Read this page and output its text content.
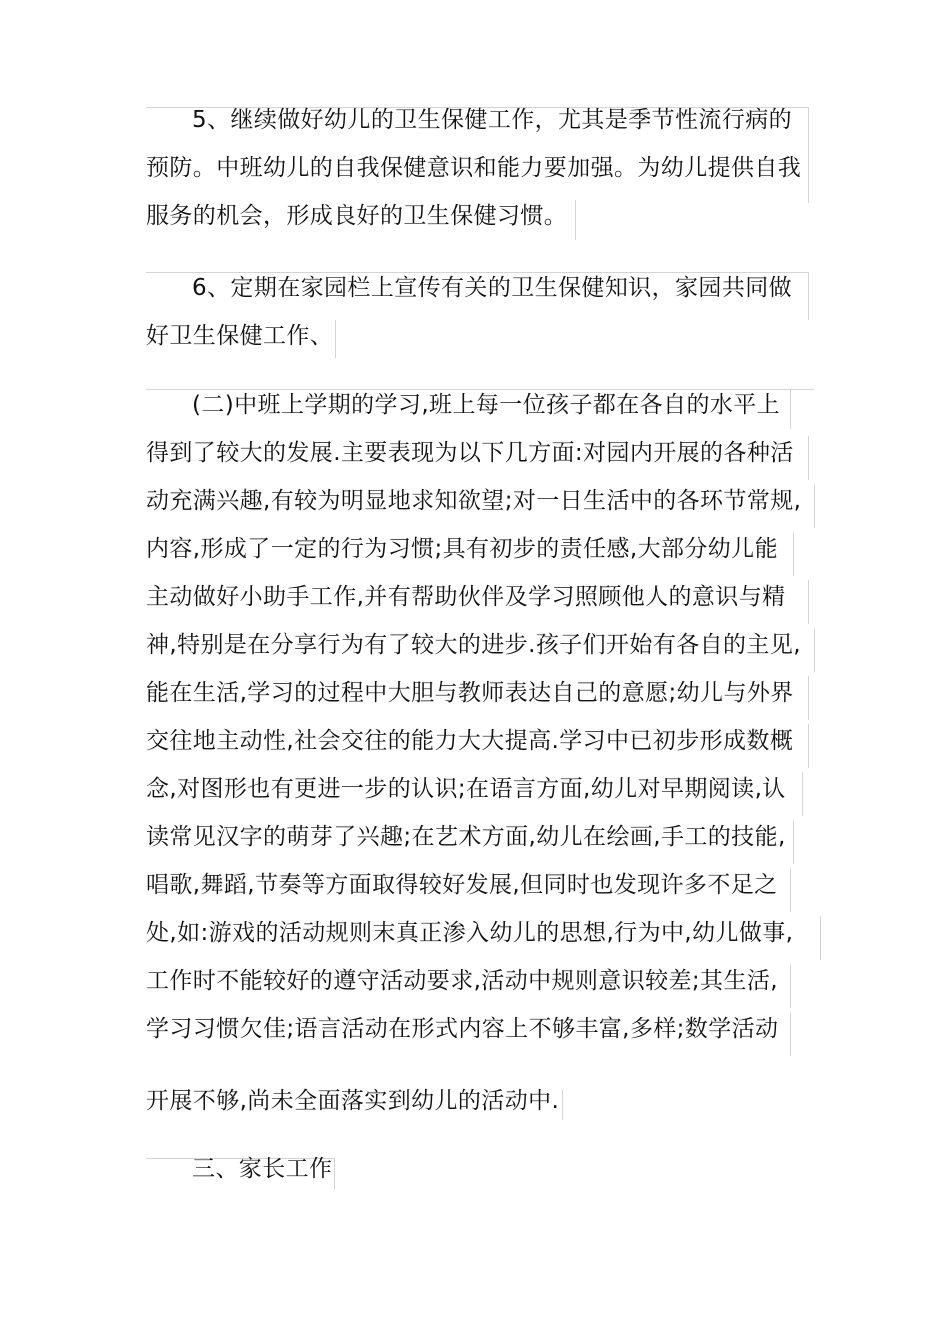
5、继续做好幼儿的卫生保健工作，尤其是季节性流行病的
预防。中班幼儿的自我保健意识和能力要加强。为幼儿提供自我
服务的机会，形成良好的卫生保健习惯。
6、定期在家园栏上宣传有关的卫生保健知识，家园共同做
好卫生保健工作、
(二)中班上学期的学习,班上每一位孩子都在各自的水平上
得到了较大的发展.主要表现为以下几方面:对园内开展的各种活
动充满兴趣,有较为明显地求知欲望;对一日生活中的各环节常规,
内容,形成了一定的行为习惯;具有初步的责任感,大部分幼儿能
主动做好小助手工作,并有帮助伙伴及学习照顾他人的意识与精
神,特别是在分享行为有了较大的进步.孩子们开始有各自的主见,
能在生活,学习的过程中大胆与教师表达自己的意愿;幼儿与外界
交往地主动性,社会交往的能力大大提高.学习中已初步形成数概
念,对图形也有更进一步的认识;在语言方面,幼儿对早期阅读,认
读常见汉字的萌芽了兴趣;在艺术方面,幼儿在绘画,手工的技能,
唱歌,舞蹈,节奏等方面取得较好发展,但同时也发现许多不足之
处,如:游戏的活动规则末真正渗入幼儿的思想,行为中,幼儿做事,
工作时不能较好的遵守活动要求,活动中规则意识较差;其生活,
学习习惯欠佳;语言活动在形式内容上不够丰富,多样;数学活动
开展不够,尚未全面落实到幼儿的活动中.
三、家长工作
